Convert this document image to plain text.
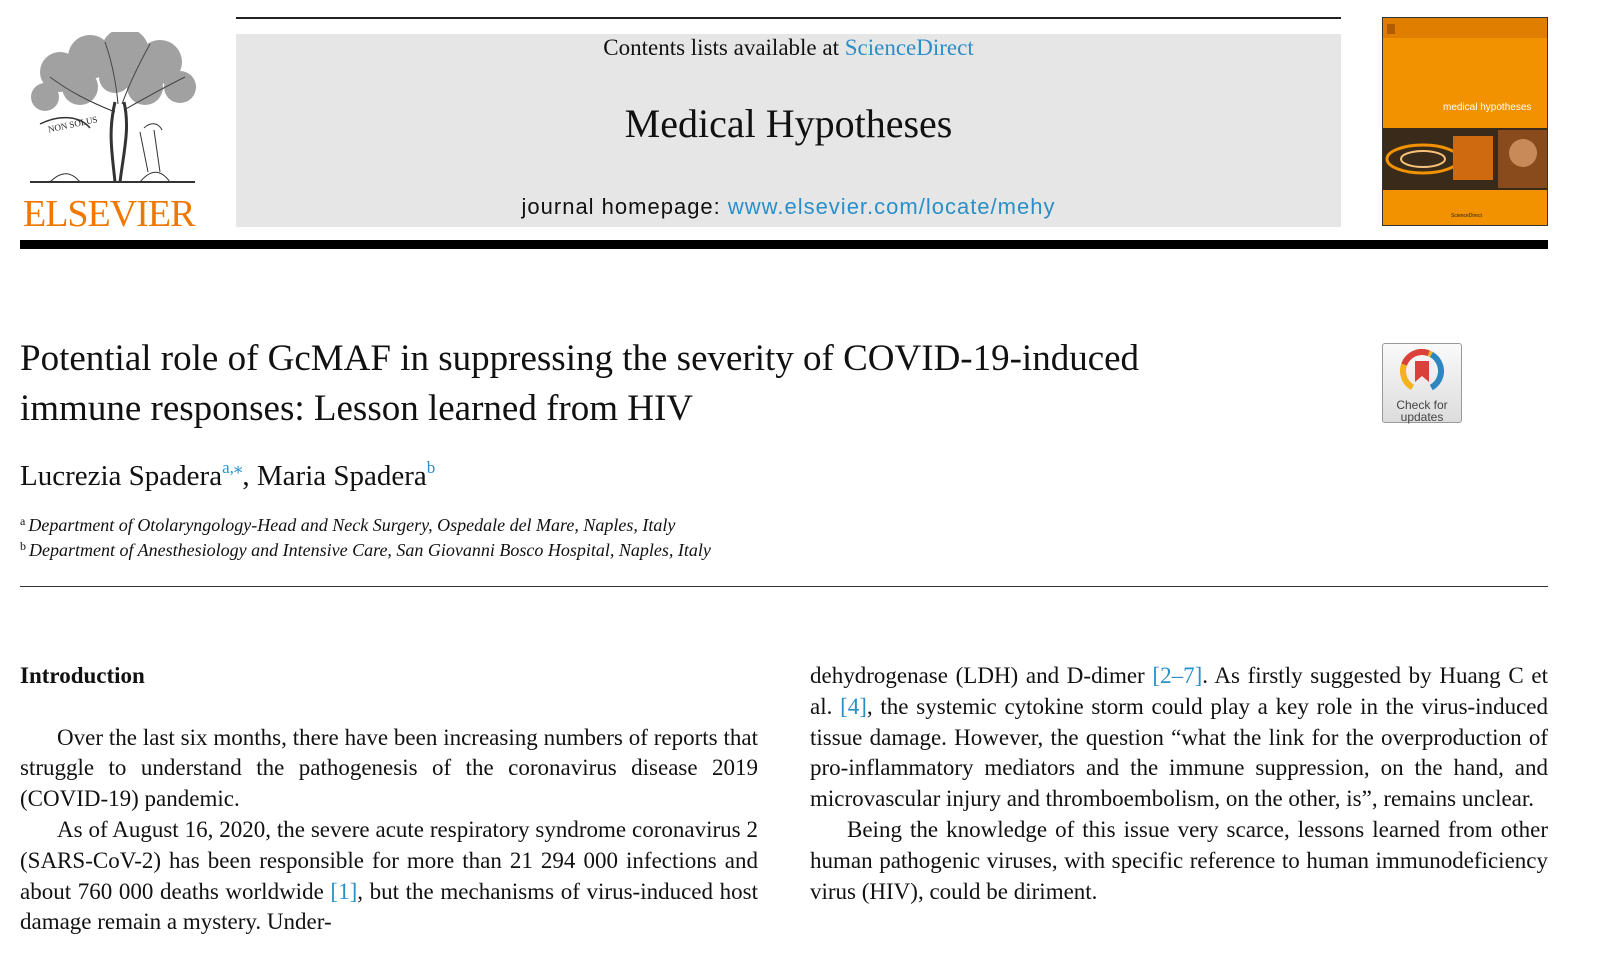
NON SOLUS
ELSEVIER
Contents lists available at ScienceDirect
Medical Hypotheses
journal homepage: www.elsevier.com/locate/mehy
medical hypotheses
ScienceDirect
Potential role of GcMAF in suppressing the severity of COVID-19-induced
immune responses: Lesson learned from HIV	Check for
updates
Lucrezia Spadera$^{a,⁎}$, Maria Spadera$^b$
$^a$ Department of Otolaryngology-Head and Neck Surgery, Ospedale del Mare, Naples, Italy
$^b$ Department of Anesthesiology and Intensive Care, San Giovanni Bosco Hospital, Naples, Italy
Introduction

Over the last six months, there have been increasing numbers of reports that struggle to understand the pathogenesis of the coronavirus disease 2019 (COVID-19) pandemic.

As of August 16, 2020, the severe acute respiratory syndrome coronavirus 2 (SARS-CoV-2) has been responsible for more than 21 294 000 infections and about 760 000 deaths worldwide [1], but the mechanisms of virus-induced host damage remain a mystery. Under-

dehydrogenase (LDH) and D-dimer [2–7]. As firstly suggested by Huang C et al. [4], the systemic cytokine storm could play a key role in the virus-induced tissue damage. However, the question “what the link for the overproduction of pro-inflammatory mediators and the immune suppression, on the hand, and microvascular injury and thromboembolism, on the other, is”, remains unclear.

Being the knowledge of this issue very scarce, lessons learned from other human pathogenic viruses, with specific reference to human immunodeficiency virus (HIV), could be diriment.
